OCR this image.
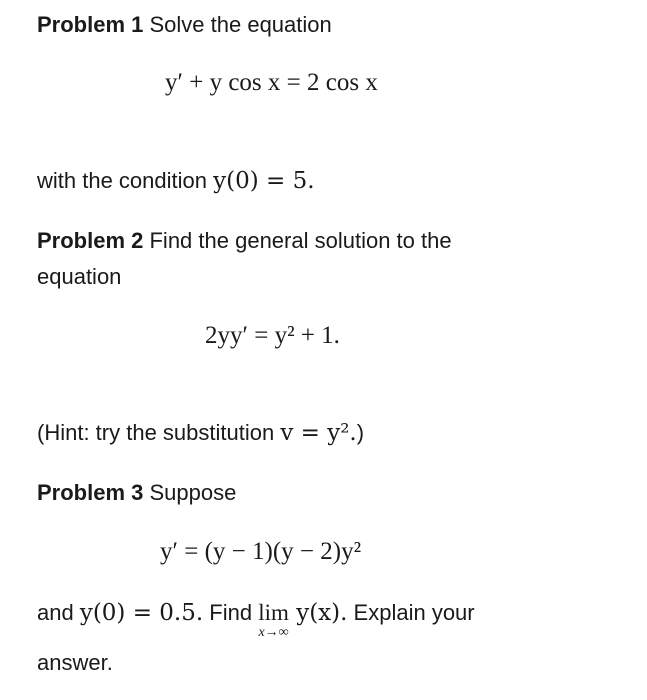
Problem 1 Solve the equation
y′ + y cos x = 2 cos x
with the condition y(0) = 5.
Problem 2 Find the general solution to the
equation
2yy′ = y² + 1.
(Hint: try the substitution v = y².)
Problem 3 Suppose
y′ = (y − 1)(y − 2)y²
and y(0) = 0.5. Find lim
x→∞
y(x). Explain your
answer.
